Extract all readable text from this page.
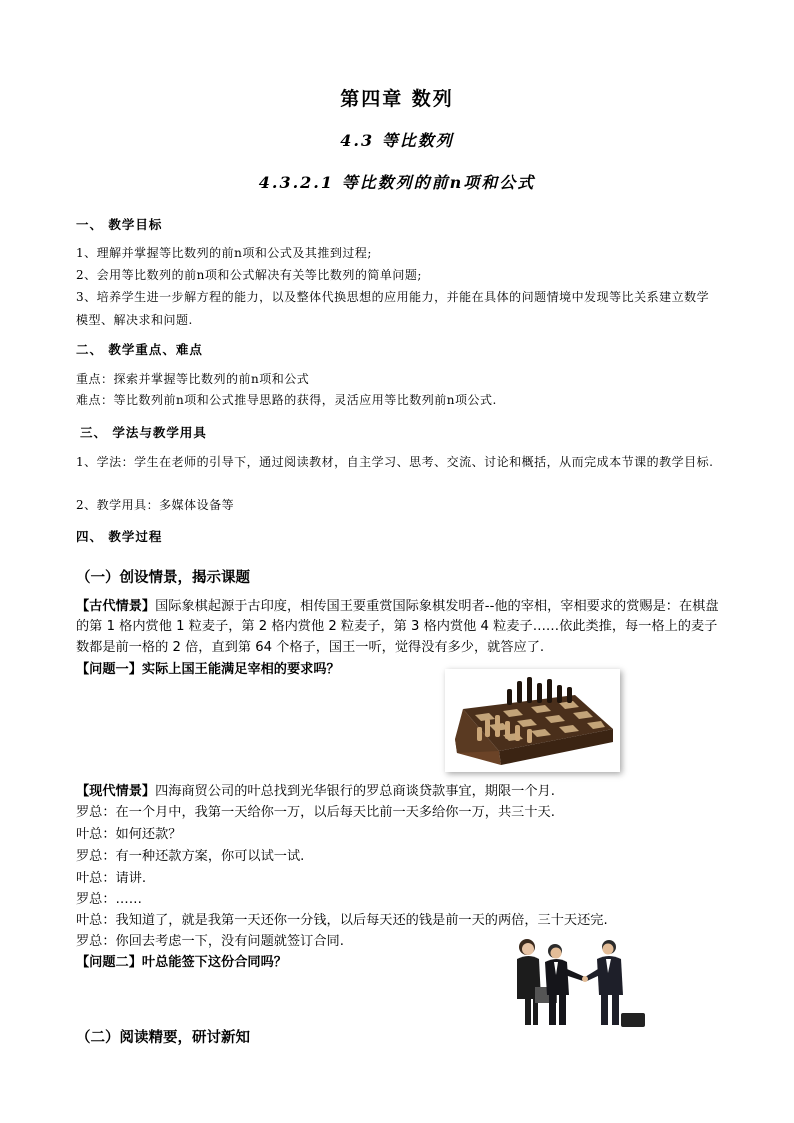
第四章 数列
4.3 等比数列
4.3.2.1 等比数列的前n项和公式
一、 教学目标
1、理解并掌握等比数列的前n项和公式及其推到过程;
2、会用等比数列的前n项和公式解决有关等比数列的简单问题;
3、培养学生进一步解方程的能力，以及整体代换思想的应用能力，并能在具体的问题情境中发现等比关系建立数学模型、解决求和问题.
二、 教学重点、难点
重点：探索并掌握等比数列的前n项和公式
难点：等比数列前n项和公式推导思路的获得，灵活应用等比数列前n项公式.
三、 学法与教学用具
1、学法：学生在老师的引导下，通过阅读教材，自主学习、思考、交流、讨论和概括，从而完成本节课的教学目标.
2、教学用具：多媒体设备等
四、 教学过程
（一）创设情景，揭示课题
【古代情景】国际象棋起源于古印度，相传国王要重赏国际象棋发明者--他的宰相，宰相要求的赏赐是：在棋盘的第 1 格内赏他 1 粒麦子，第 2 格内赏他 2 粒麦子，第 3 格内赏他 4 粒麦子……依此类推，每一格上的麦子数都是前一格的 2 倍，直到第 64 个格子，国王一听，觉得没有多少，就答应了.
【问题一】实际上国王能满足宰相的要求吗？
【现代情景】四海商贸公司的叶总找到光华银行的罗总商谈贷款事宜，期限一个月.
罗总：在一个月中，我第一天给你一万，以后每天比前一天多给你一万，共三十天.
叶总：如何还款？
罗总：有一种还款方案，你可以试一试.
叶总：请讲.
罗总：……
叶总：我知道了，就是我第一天还你一分钱，以后每天还的钱是前一天的两倍，三十天还完.
罗总：你回去考虑一下，没有问题就签订合同.
【问题二】叶总能签下这份合同吗？
（二）阅读精要，研讨新知
